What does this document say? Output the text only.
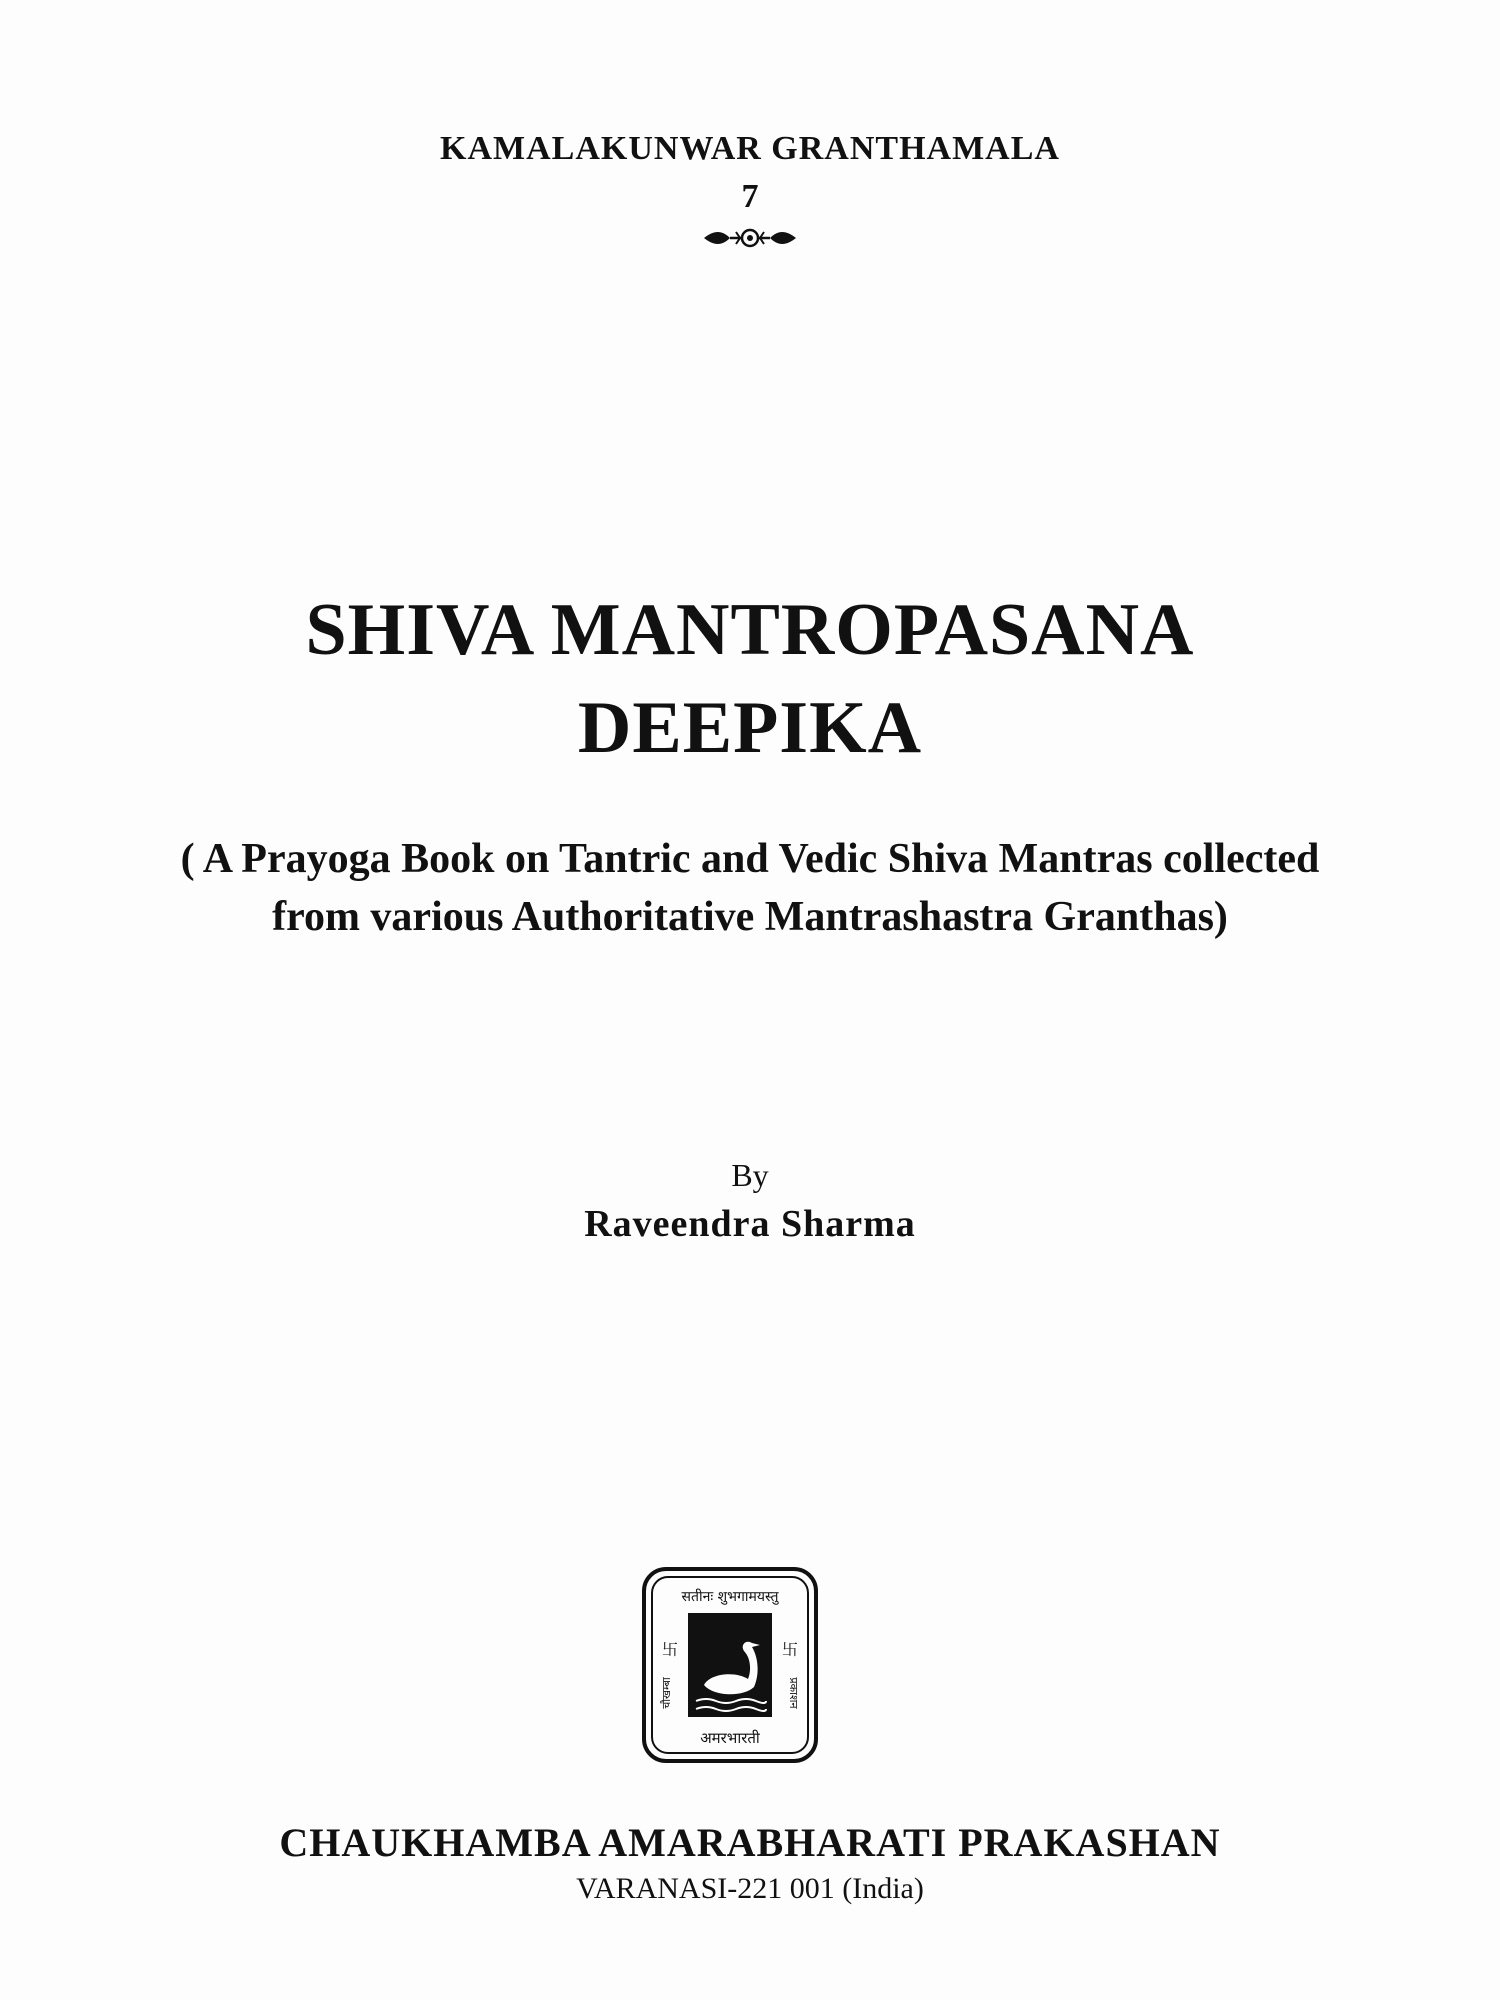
KAMALAKUNWAR GRANTHAMALA
7
SHIVA MANTROPASANA
DEEPIKA
( A Prayoga Book on Tantric and Vedic Shiva Mantras collected
from various Authoritative Mantrashastra Granthas)
By
Raveendra Sharma
सतीनः शुभगामयस्तु
अमरभारती
卐	卐
चौखम्बा	प्रकाशन
CHAUKHAMBA AMARABHARATI PRAKASHAN
VARANASI-221 001 (India)
